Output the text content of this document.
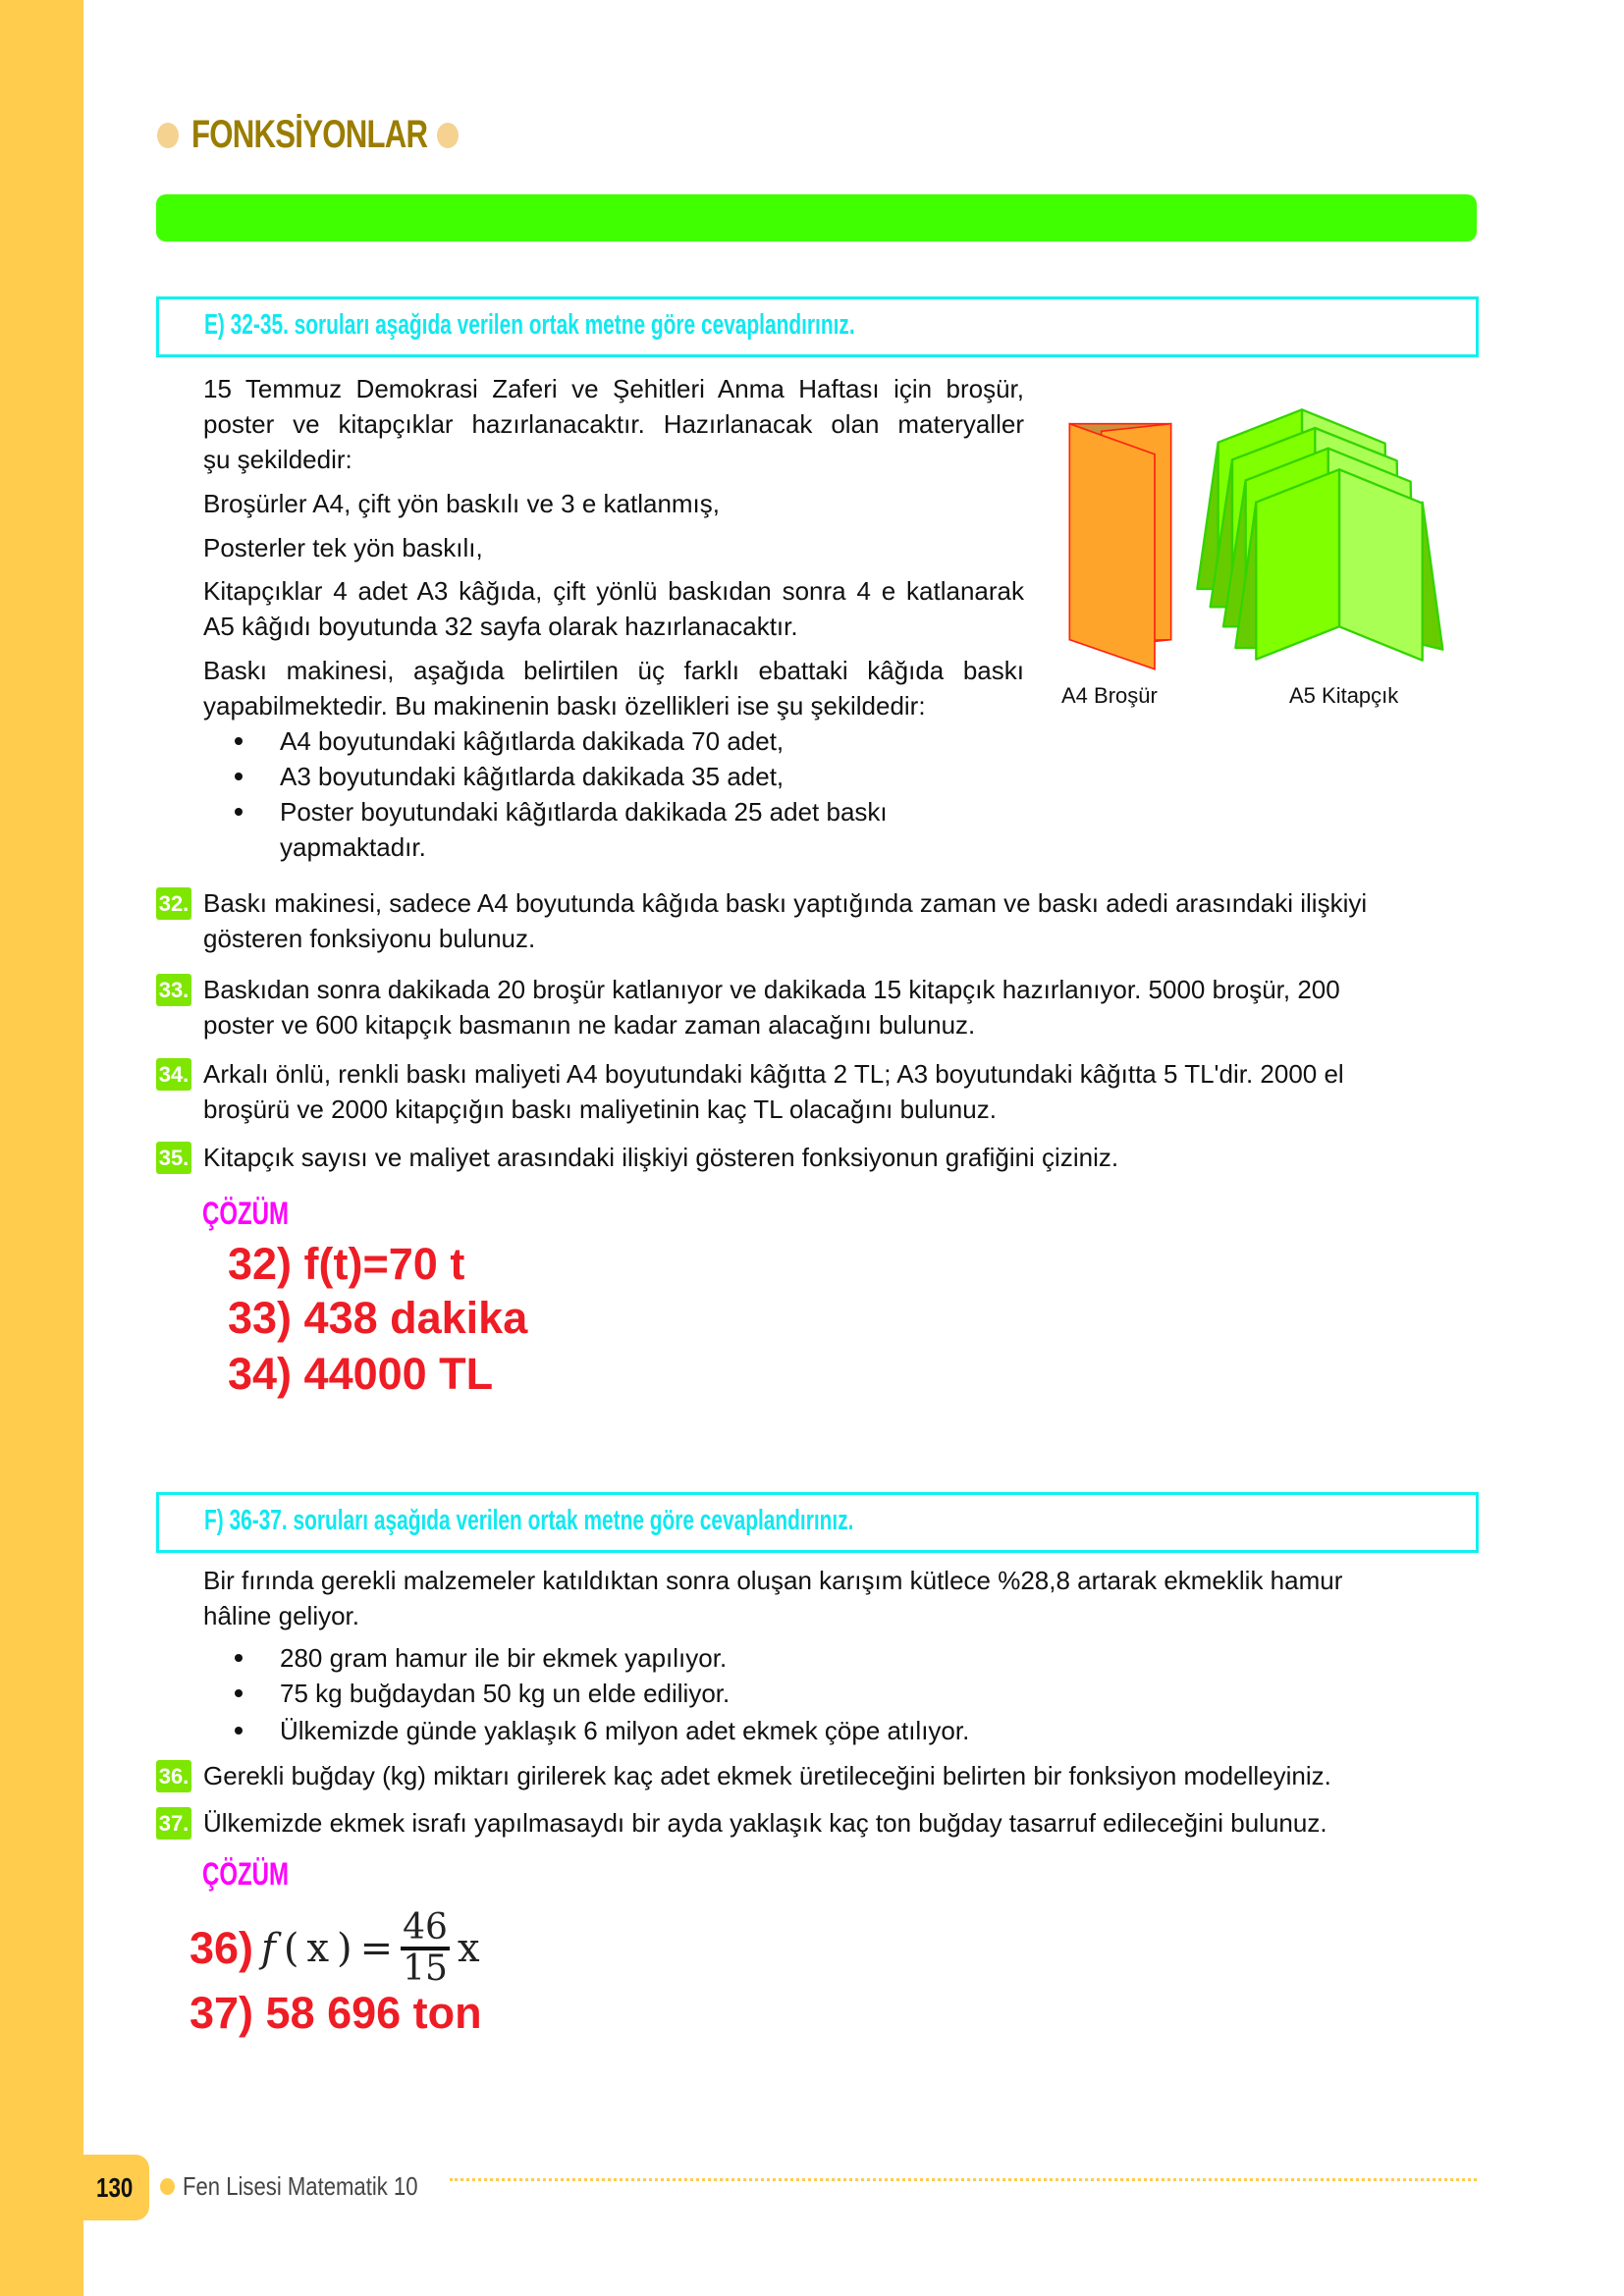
FONKSİYONLAR
E) 32-35. soruları aşağıda verilen ortak metne göre cevaplandırınız.
15 Temmuz Demokrasi Zaferi ve Şehitleri Anma Haftası için broşür,
poster ve kitapçıklar hazırlanacaktır. Hazırlanacak olan materyaller
şu şekildedir:
Broşürler A4, çift yön baskılı ve 3 e katlanmış,
Posterler tek yön baskılı,
Kitapçıklar 4 adet A3 kâğıda, çift yönlü baskıdan sonra 4 e katlanarak
A5 kâğıdı boyutunda 32 sayfa olarak hazırlanacaktır.
Baskı makinesi, aşağıda belirtilen üç farklı ebattaki kâğıda baskı
yapabilmektedir. Bu makinenin baskı özellikleri ise şu şekildedir:
A4 boyutundaki kâğıtlarda dakikada 70 adet,
A3 boyutundaki kâğıtlarda dakikada 35 adet,
Poster boyutundaki kâğıtlarda dakikada 25 adet baskı
yapmaktadır.
A4 Broşür	A5 Kitapçık
32. Baskı makinesi, sadece A4 boyutunda kâğıda baskı yaptığında zaman ve baskı adedi arasındaki ilişkiyi
gösteren fonksiyonu bulunuz.
33. Baskıdan sonra dakikada 20 broşür katlanıyor ve dakikada 15 kitapçık hazırlanıyor. 5000 broşür, 200
poster ve 600 kitapçık basmanın ne kadar zaman alacağını bulunuz.
34. Arkalı önlü, renkli baskı maliyeti A4 boyutundaki kâğıtta 2 TL; A3 boyutundaki kâğıtta 5 TL'dir. 2000 el
broşürü ve 2000 kitapçığın baskı maliyetinin kaç TL olacağını bulunuz.
35. Kitapçık sayısı ve maliyet arasındaki ilişkiyi gösteren fonksiyonun grafiğini çiziniz.
ÇÖZÜM
32) f(t)=70 t
33) 438 dakika
34) 44000 TL
F) 36-37. soruları aşağıda verilen ortak metne göre cevaplandırınız.
Bir fırında gerekli malzemeler katıldıktan sonra oluşan karışım kütlece %28,8 artarak ekmeklik hamur
hâline geliyor.
280 gram hamur ile bir ekmek yapılıyor.
75 kg buğdaydan 50 kg un elde ediliyor.
Ülkemizde günde yaklaşık 6 milyon adet ekmek çöpe atılıyor.
36. Gerekli buğday (kg) miktarı girilerek kaç adet ekmek üretileceğini belirten bir fonksiyon modelleyiniz.
37. Ülkemizde ekmek israfı yapılmasaydı bir ayda yaklaşık kaç ton buğday tasarruf edileceğini bulunuz.
ÇÖZÜM
36) f ( x ) = $\frac{46}{15}$ x
37) 58 696 ton
130 Fen Lisesi Matematik 10
